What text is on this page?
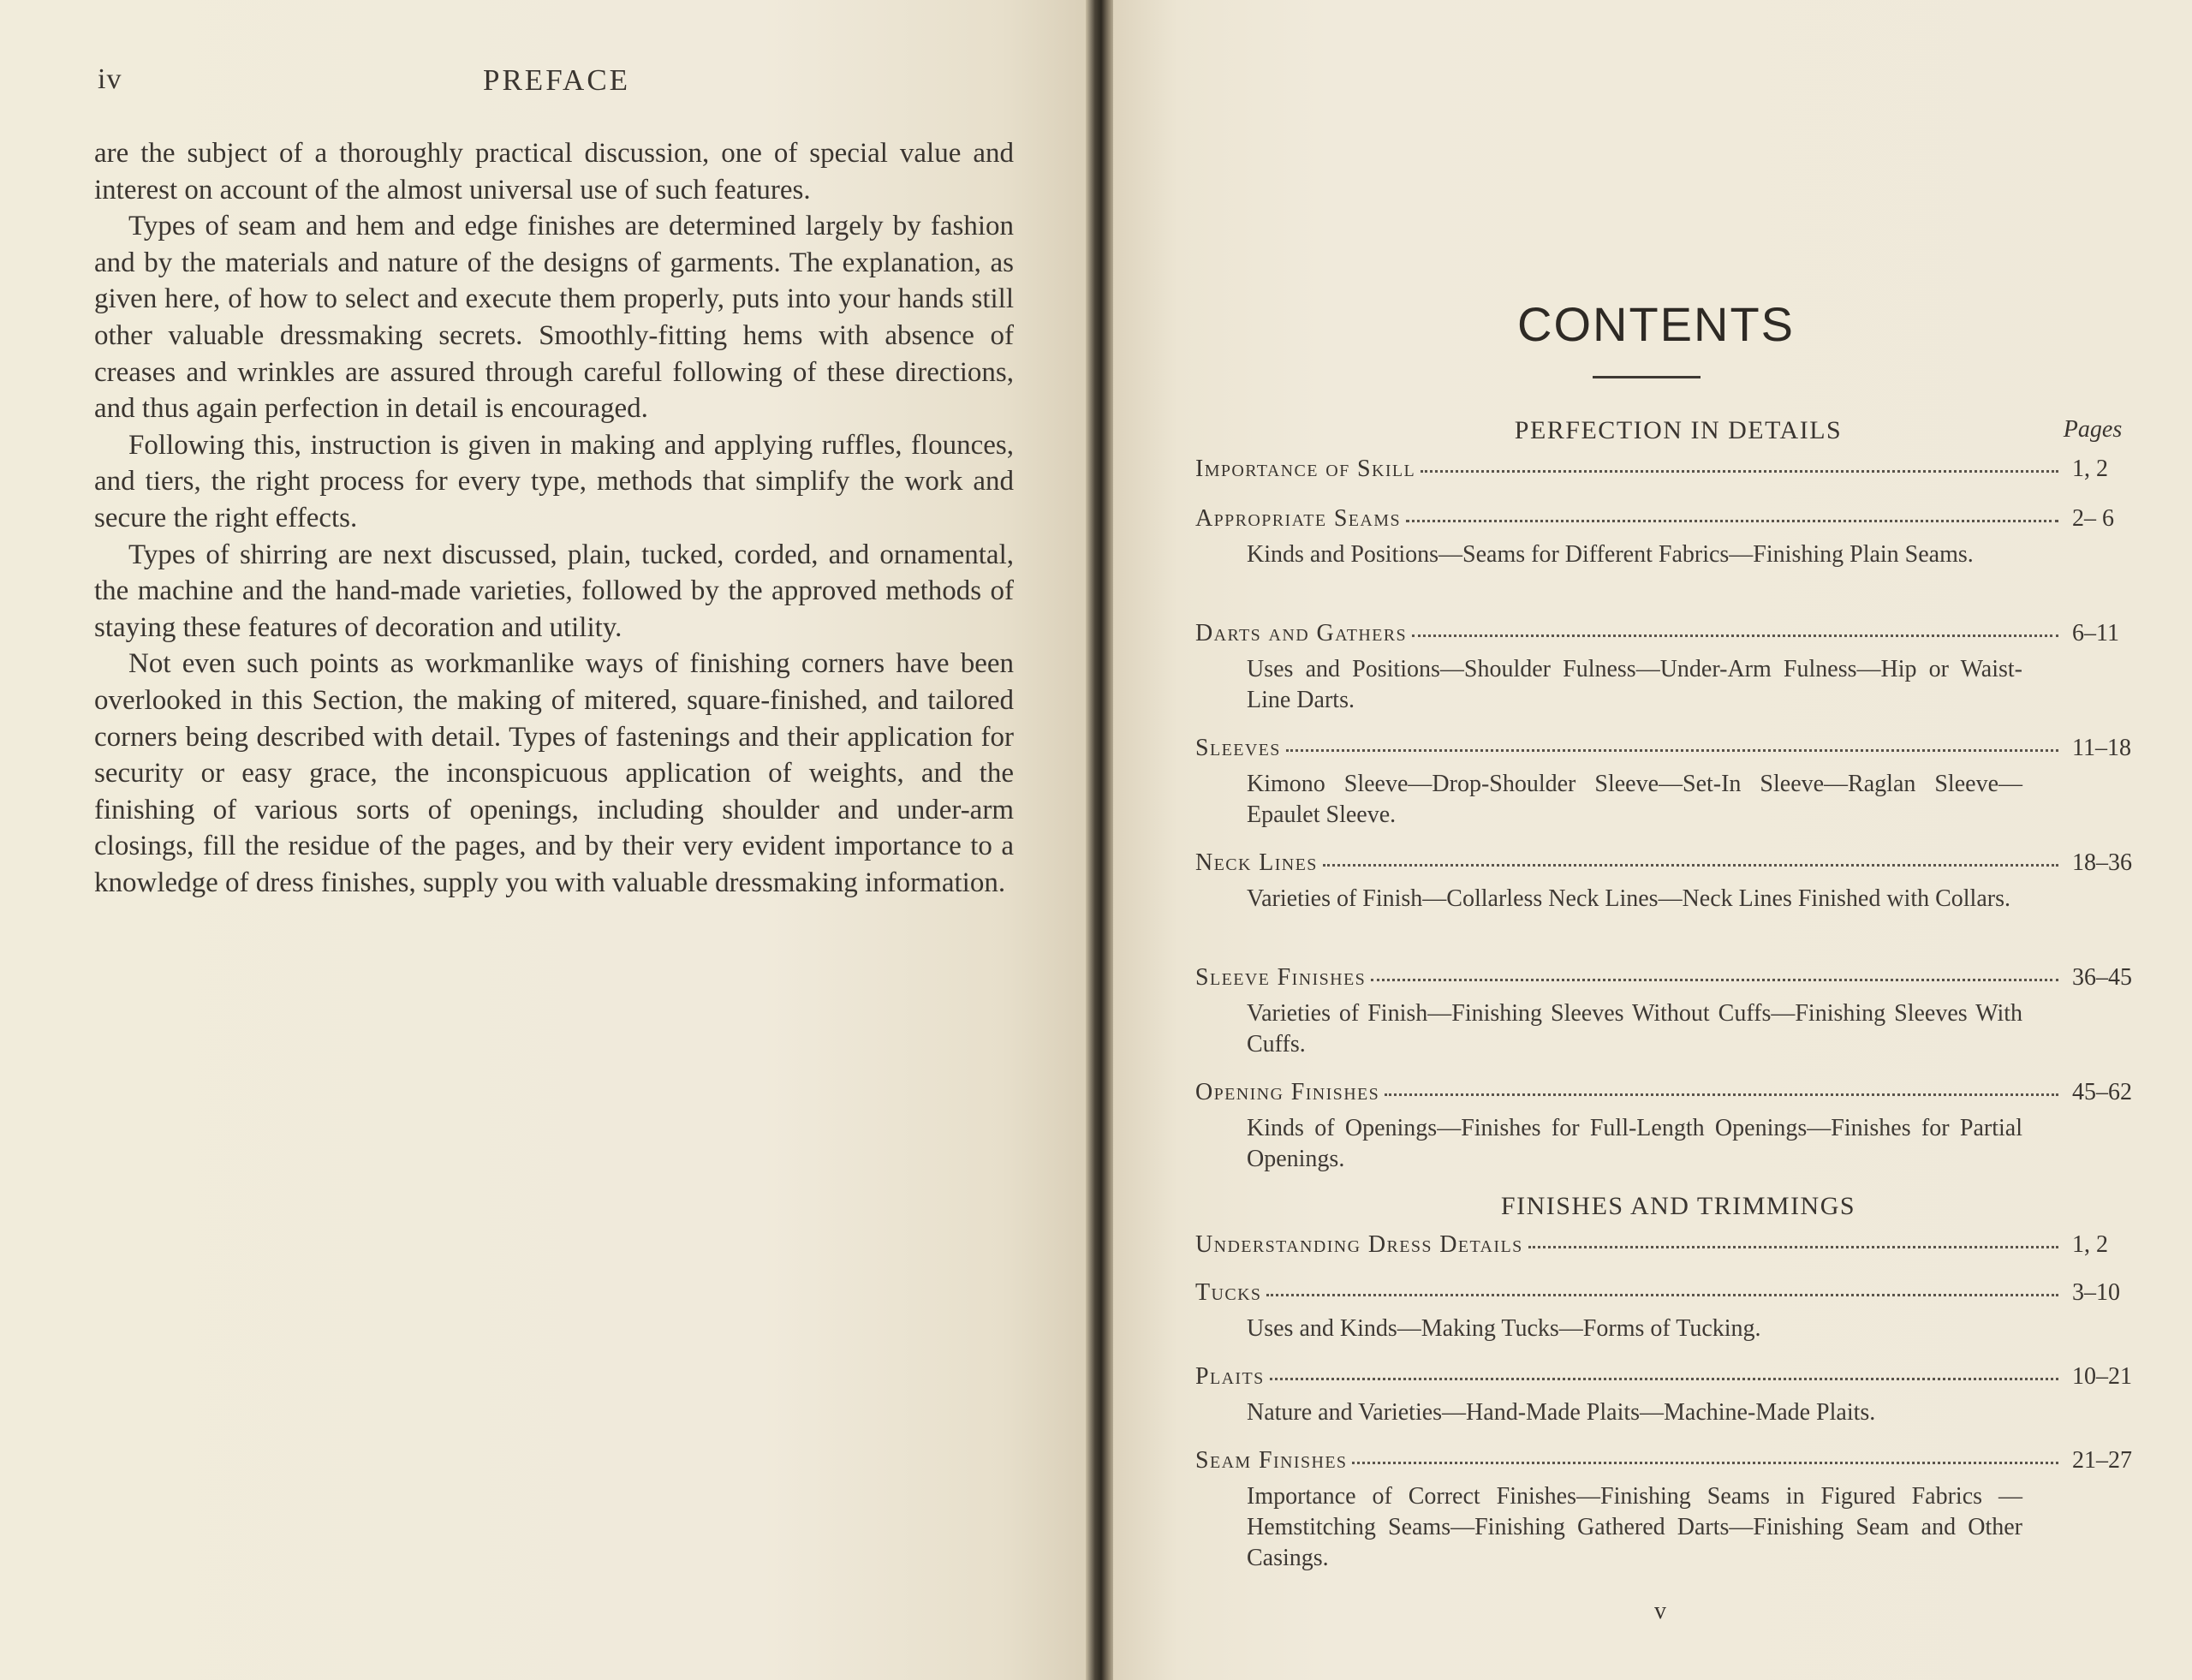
iv	PREFACE

are the subject of a thoroughly practical discussion, one of special value and interest on account of the almost universal use of such features.

Types of seam and hem and edge finishes are determined largely by fashion and by the materials and nature of the designs of garments. The explanation, as given here, of how to select and execute them properly, puts into your hands still other valuable dressmaking secrets. Smoothly-fitting hems with absence of creases and wrinkles are assured through careful following of these directions, and thus again perfection in detail is encouraged.

Following this, instruction is given in making and applying ruffles, flounces, and tiers, the right process for every type, methods that simplify the work and secure the right effects.

Types of shirring are next discussed, plain, tucked, corded, and ornamental, the machine and the hand-made varieties, followed by the approved methods of staying these features of decoration and utility.

Not even such points as workmanlike ways of finishing corners have been overlooked in this Section, the making of mitered, square-finished, and tailored corners being described with detail. Types of fastenings and their application for security or easy grace, the inconspicuous application of weights, and the finishing of various sorts of openings, including shoulder and under-arm closings, fill the residue of the pages, and by their very evident importance to a knowledge of dress finishes, supply you with valuable dressmaking information.

CONTENTS
PERFECTION IN DETAILS	Pages
Importance of Skill	1, 2
Appropriate Seams	2– 6
Kinds and Positions—Seams for Different Fabrics—Finishing Plain Seams.
Darts and Gathers	6–11
Uses and Positions—Shoulder Fulness—Under-Arm Fulness—Hip or Waist-Line Darts.
Sleeves	11–18
Kimono Sleeve—Drop-Shoulder Sleeve—Set-In Sleeve—Raglan Sleeve—Epaulet Sleeve.
Neck Lines	18–36
Varieties of Finish—Collarless Neck Lines—Neck Lines Finished with Collars.
Sleeve Finishes	36–45
Varieties of Finish—Finishing Sleeves Without Cuffs—Finishing Sleeves With Cuffs.
Opening Finishes	45–62
Kinds of Openings—Finishes for Full-Length Openings—Finishes for Partial Openings.
Understanding Dress Details	1, 2
Tucks	3–10
Uses and Kinds—Making Tucks—Forms of Tucking.
Plaits	10–21
Nature and Varieties—Hand-Made Plaits—Machine-Made Plaits.
Seam Finishes	21–27
Importance of Correct Finishes—Finishing Seams in Figured Fabrics —Hemstitching Seams—Finishing Gathered Darts—Finishing Seam and Other Casings.
FINISHES AND TRIMMINGS
v
